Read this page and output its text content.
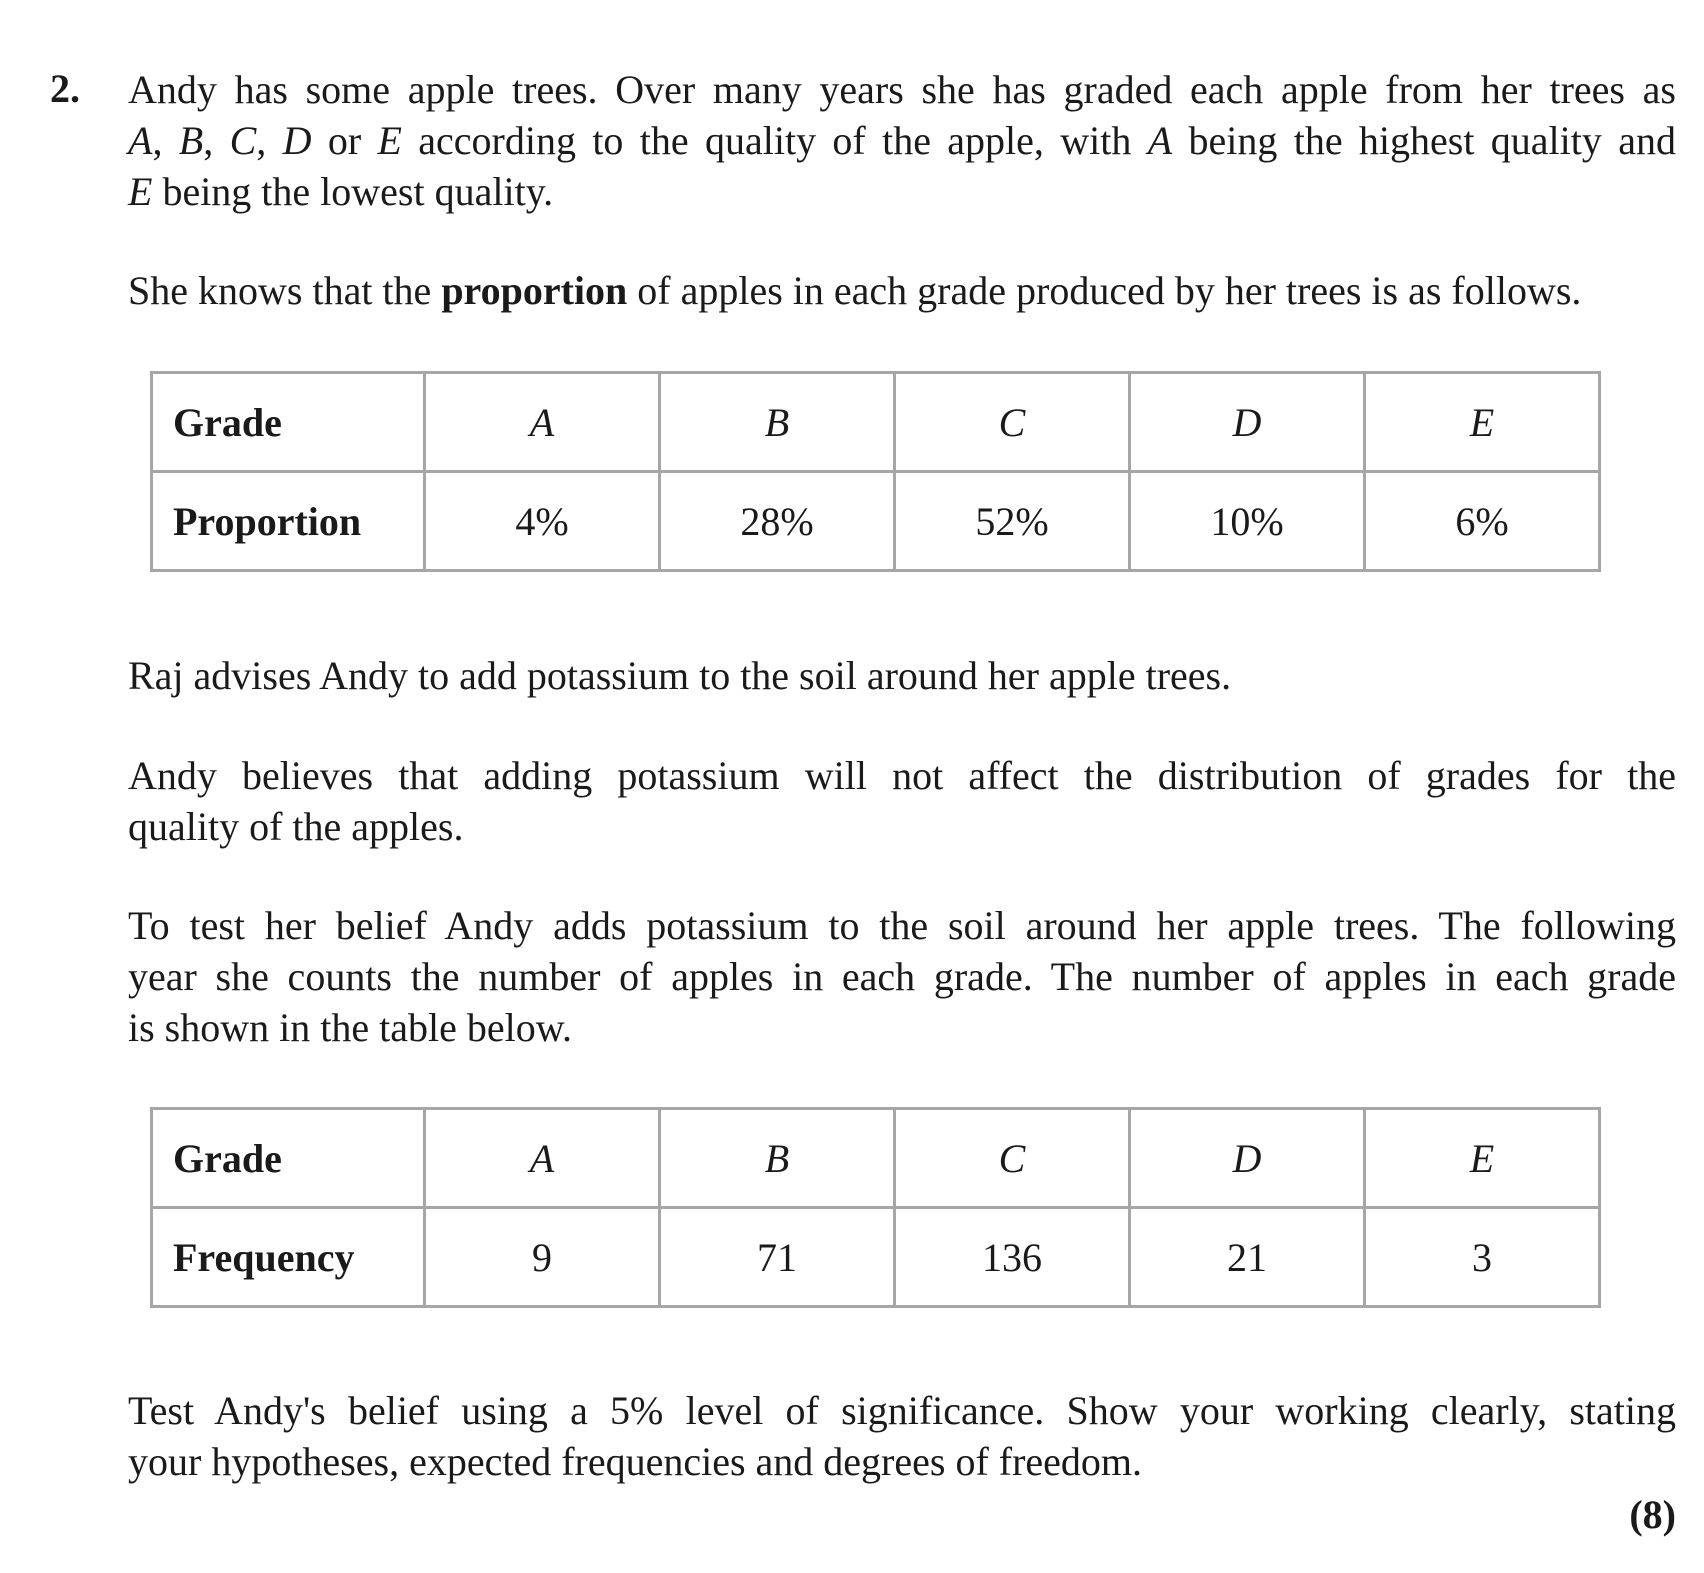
2. Andy has some apple trees. Over many years she has graded each apple from her trees as
A, B, C, D or E according to the quality of the apple, with A being the highest quality and
E being the lowest quality.
She knows that the proportion of apples in each grade produced by her trees is as follows.
Grade	A	B	C	D	E
Proportion	4%	28%	52%	10%	6%
Raj advises Andy to add potassium to the soil around her apple trees.
Andy believes that adding potassium will not affect the distribution of grades for the
quality of the apples.
To test her belief Andy adds potassium to the soil around her apple trees. The following
year she counts the number of apples in each grade. The number of apples in each grade
is shown in the table below.
Grade	A	B	C	D	E
Frequency	9	71	136	21	3
Test Andy's belief using a 5% level of significance. Show your working clearly, stating
your hypotheses, expected frequencies and degrees of freedom.
(8)
